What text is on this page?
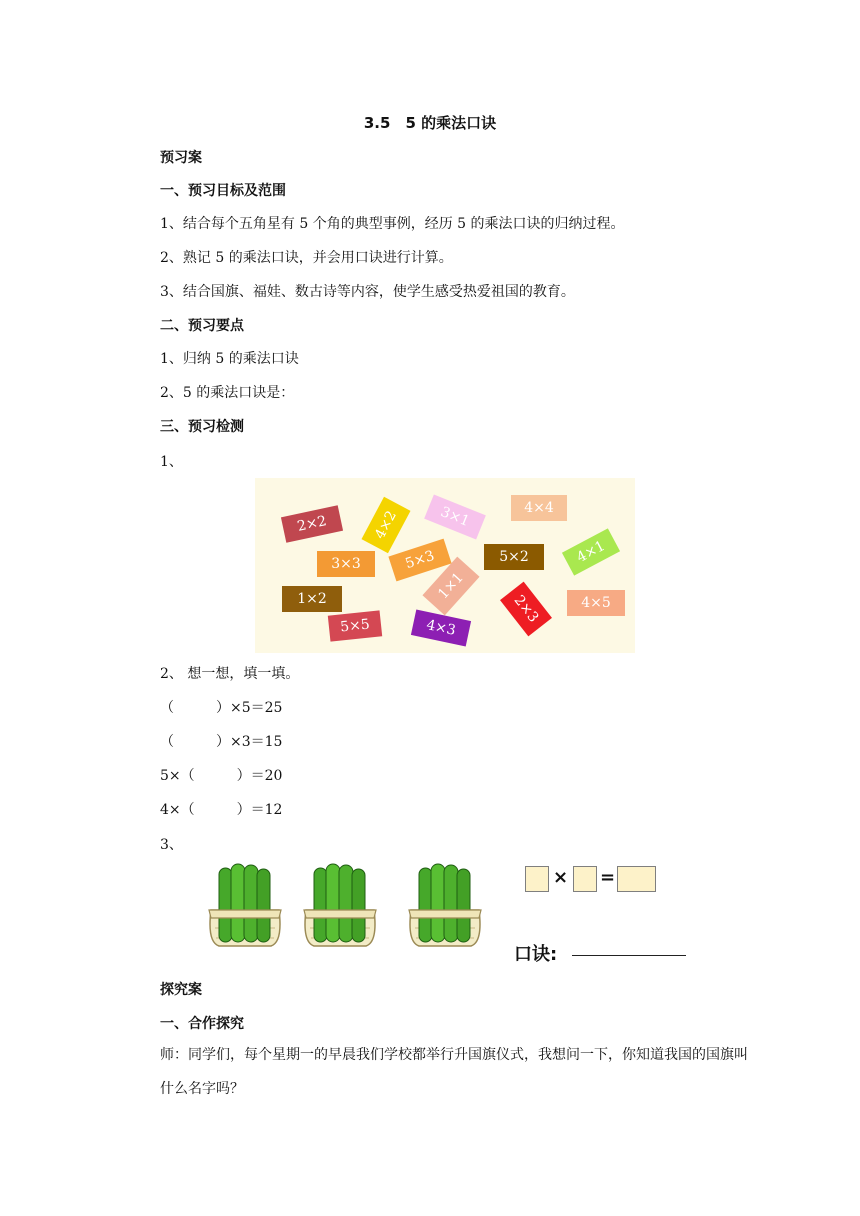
3.5　5 的乘法口诀
预习案
一、预习目标及范围
1、结合每个五角星有 5 个角的典型事例，经历 5 的乘法口诀的归纳过程。
2、熟记 5 的乘法口诀，并会用口诀进行计算。
3、结合国旗、福娃、数古诗等内容，使学生感受热爱祖国的教育。
二、预习要点
1、归纳 5 的乘法口诀
2、5 的乘法口诀是：
三、预习检测
1、
2×2	4×2	3×1	4×4
3×3	5×3	5×2	4×1
1×1
1×2	2×3	4×5
5×5	4×3
2、 想一想，填一填。
（　　　）×5＝25
（　　　）×3＝15
5×（　　　）＝20
4×（　　　）＝12
3、
× =
口诀:
探究案
一、合作探究
师：同学们，每个星期一的早晨我们学校都举行升国旗仪式，我想问一下，你知道我国的国旗叫什么名字吗？
